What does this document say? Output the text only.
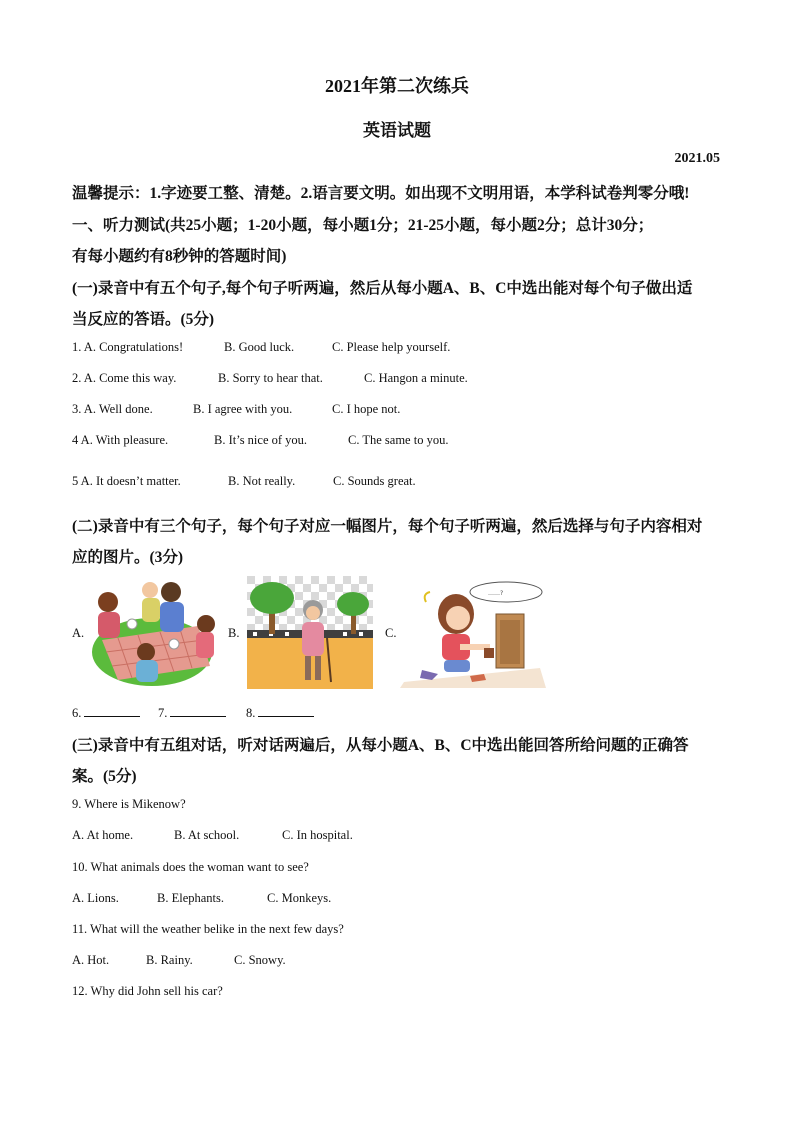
2021年第二次练兵
英语试题
2021.05
温馨提示：1.字迹要工整、清楚。2.语言要文明。如出现不文明用语，本学科试卷判零分哦!
一、听力测试(共25小题；1-20小题，每小题1分；21-25小题，每小题2分；总计30分；
有每小题约有8秒钟的答题时间)
(一)录音中有五个句子,每个句子听两遍，然后从每小题A、B、C中选出能对每个句子做出适
当反应的答语。(5分)
1. A. Congratulations!	B. Good luck.	C. Please help yourself.
2. A. Come this way.	B. Sorry to hear that.	C. Hangon a minute.
3. A. Well done.	B. I agree with you.	C. I hope not.
4 A. With pleasure.	B. It’s nice of you.	C. The same to you.
5 A. It doesn’t matter.	B. Not really.	C. Sounds great.
(二)录音中有三个句子，每个句子对应一幅图片，每个句子听两遍，然后选择与句子内容相对
应的图片。(3分)
A.	B.	C.
……?
6.	7.	8.
(三)录音中有五组对话，听对话两遍后，从每小题A、B、C中选出能回答所给问题的正确答
案。(5分)
9. Where is Mikenow?
A. At home.	B. At school.	C. In hospital.
10. What animals does the woman want to see?
A. Lions.	B. Elephants.	C. Monkeys.
11. What will the weather belike in the next few days?
A. Hot.	B. Rainy.	C. Snowy.
12. Why did John sell his car?
